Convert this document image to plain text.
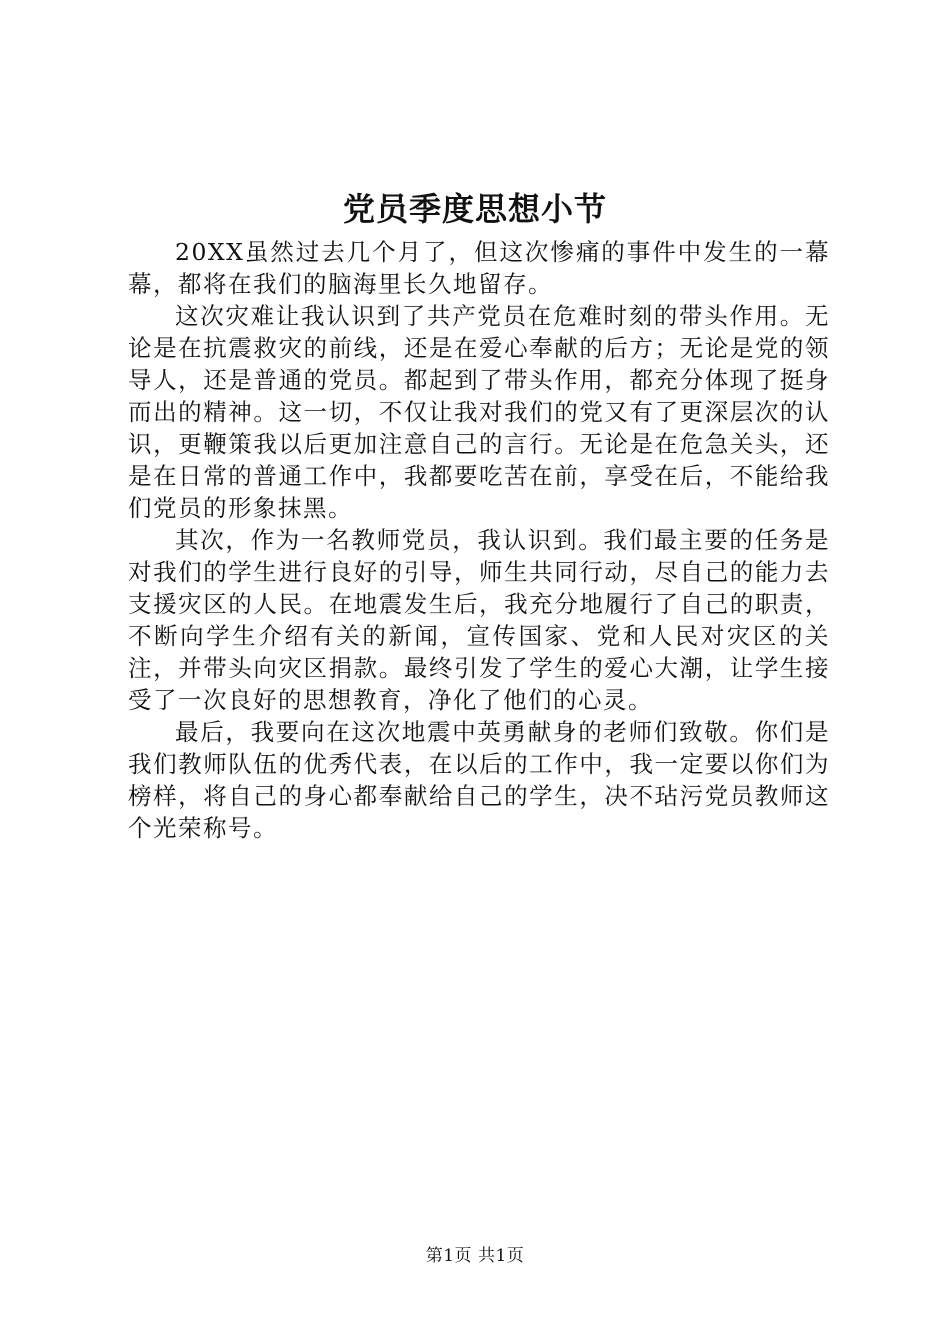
党员季度思想小节

20XX虽然过去几个月了，但这次惨痛的事件中发生的一幕幕，都将在我们的脑海里长久地留存。

这次灾难让我认识到了共产党员在危难时刻的带头作用。无论是在抗震救灾的前线，还是在爱心奉献的后方；无论是党的领导人，还是普通的党员。都起到了带头作用，都充分体现了挺身而出的精神。这一切，不仅让我对我们的党又有了更深层次的认识，更鞭策我以后更加注意自己的言行。无论是在危急关头，还是在日常的普通工作中，我都要吃苦在前，享受在后，不能给我们党员的形象抹黑。

其次，作为一名教师党员，我认识到。我们最主要的任务是对我们的学生进行良好的引导，师生共同行动，尽自己的能力去支援灾区的人民。在地震发生后，我充分地履行了自己的职责，不断向学生介绍有关的新闻，宣传国家、党和人民对灾区的关注，并带头向灾区捐款。最终引发了学生的爱心大潮，让学生接受了一次良好的思想教育，净化了他们的心灵。

最后，我要向在这次地震中英勇献身的老师们致敬。你们是我们教师队伍的优秀代表，在以后的工作中，我一定要以你们为榜样，将自己的身心都奉献给自己的学生，决不玷污党员教师这个光荣称号。

第1页 共1页
